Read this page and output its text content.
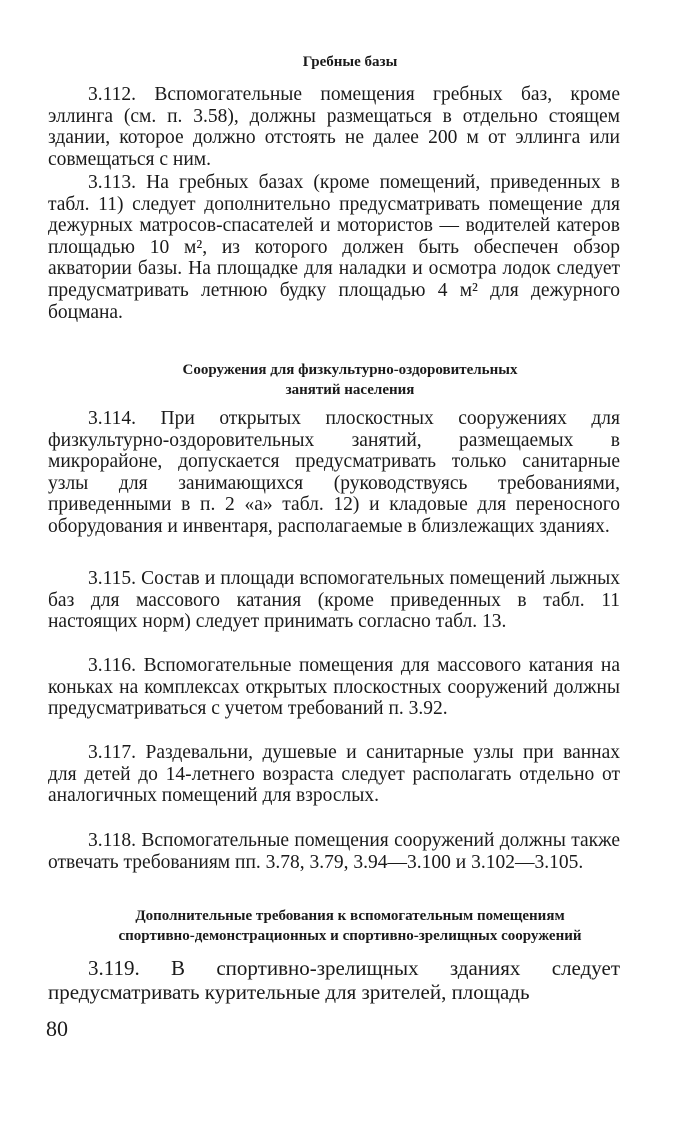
Гребные базы
3.112. Вспомогательные помещения гребных баз, кроме эллинга (см. п. 3.58), должны размещаться в отдельно стоящем здании, которое должно отстоять не далее 200 м от эллинга или совмещаться с ним.
3.113. На гребных базах (кроме помещений, приведенных в табл. 11) следует дополнительно предусматривать помещение для дежурных матросов-спасателей и мотористов — водителей катеров площадью 10 м², из которого должен быть обеспечен обзор акватории базы. На площадке для наладки и осмотра лодок следует предусматривать летнюю будку площадью 4 м² для дежурного боцмана.
Сооружения для физкультурно-оздоровительных
занятий населения
3.114. При открытых плоскостных сооружениях для физкультурно-оздоровительных занятий, размещаемых в микрорайоне, допускается предусматривать только санитарные узлы для занимающихся (руководствуясь требованиями, приведенными в п. 2 «а» табл. 12) и кладовые для переносного оборудования и инвентаря, располагаемые в близлежащих зданиях.
3.115. Состав и площади вспомогательных помещений лыжных баз для массового катания (кроме приведенных в табл. 11 настоящих норм) следует принимать согласно табл. 13.
3.116. Вспомогательные помещения для массового катания на коньках на комплексах открытых плоскостных сооружений должны предусматриваться с учетом требований п. 3.92.
3.117. Раздевальни, душевые и санитарные узлы при ваннах для детей до 14-летнего возраста следует располагать отдельно от аналогичных помещений для взрослых.
3.118. Вспомогательные помещения сооружений должны также отвечать требованиям пп. 3.78, 3.79, 3.94—3.100 и 3.102—3.105.
Дополнительные требования к вспомогательным помещениям
спортивно-демонстрационных и спортивно-зрелищных сооружений
3.119. В спортивно-зрелищных зданиях следует предусматривать курительные для зрителей, площадь
80
